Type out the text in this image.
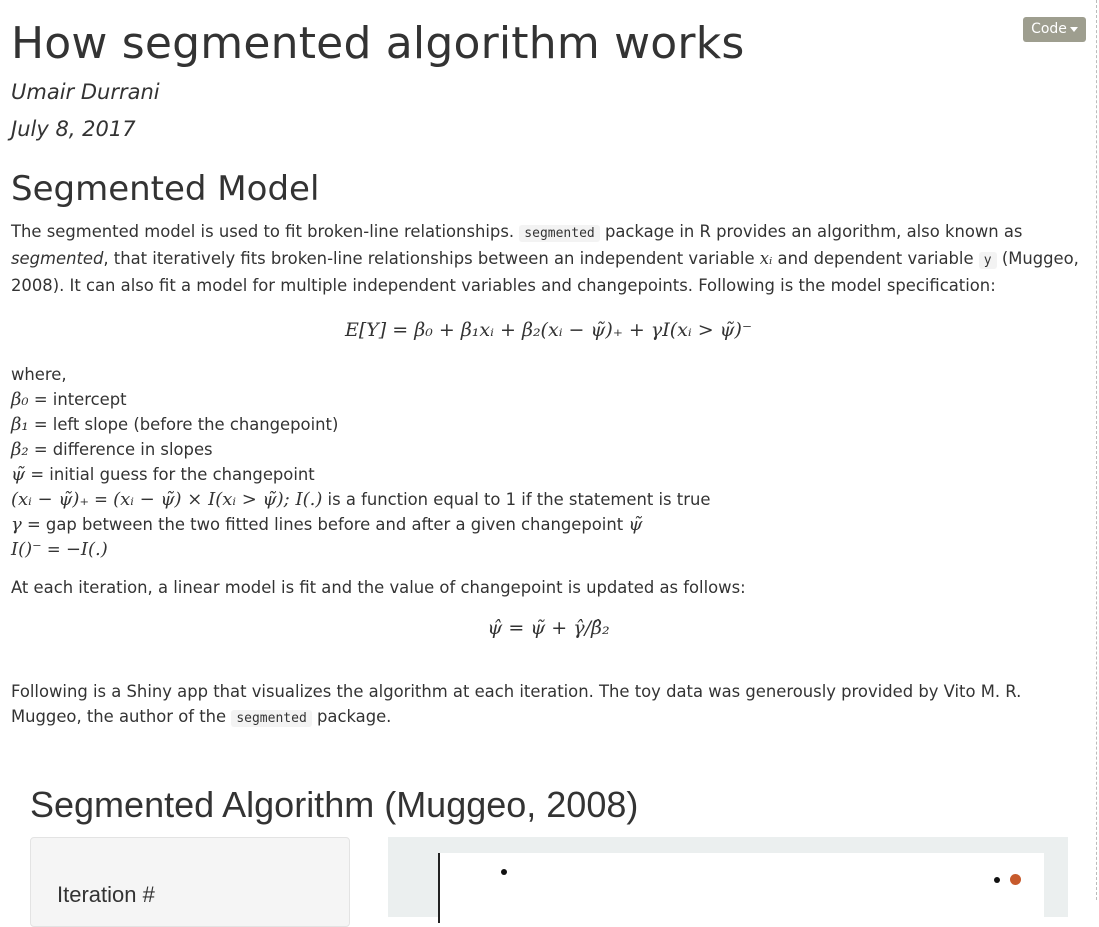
Code
How segmented algorithm works

Umair Durrani

July 8, 2017

Segmented Model

The segmented model is used to fit broken-line relationships. segmented package in R provides an algorithm, also known as segmented, that iteratively fits broken-line relationships between an independent variable xᵢ and dependent variable y (Muggeo, 2008). It can also fit a model for multiple independent variables and changepoints. Following is the model specification:

E[Y] = β₀ + β₁xᵢ + β₂(xᵢ − ψ̃)₊ + γI(xᵢ > ψ̃)⁻
where,
β₀ = intercept
β₁ = left slope (before the changepoint)
β₂ = difference in slopes
ψ̃ = initial guess for the changepoint
(xᵢ − ψ̃)₊ = (xᵢ − ψ̃) × I(xᵢ > ψ̃); I(.) is a function equal to 1 if the statement is true
γ = gap between the two fitted lines before and after a given changepoint ψ̃
I()⁻ = −I(.)

At each iteration, a linear model is fit and the value of changepoint is updated as follows:

ψ̂ = ψ̃ + γ̂/β̂₂

Following is a Shiny app that visualizes the algorithm at each iteration. The toy data was generously provided by Vito M. R. Muggeo, the author of the segmented package.

Segmented Algorithm (Muggeo, 2008)
Iteration #
